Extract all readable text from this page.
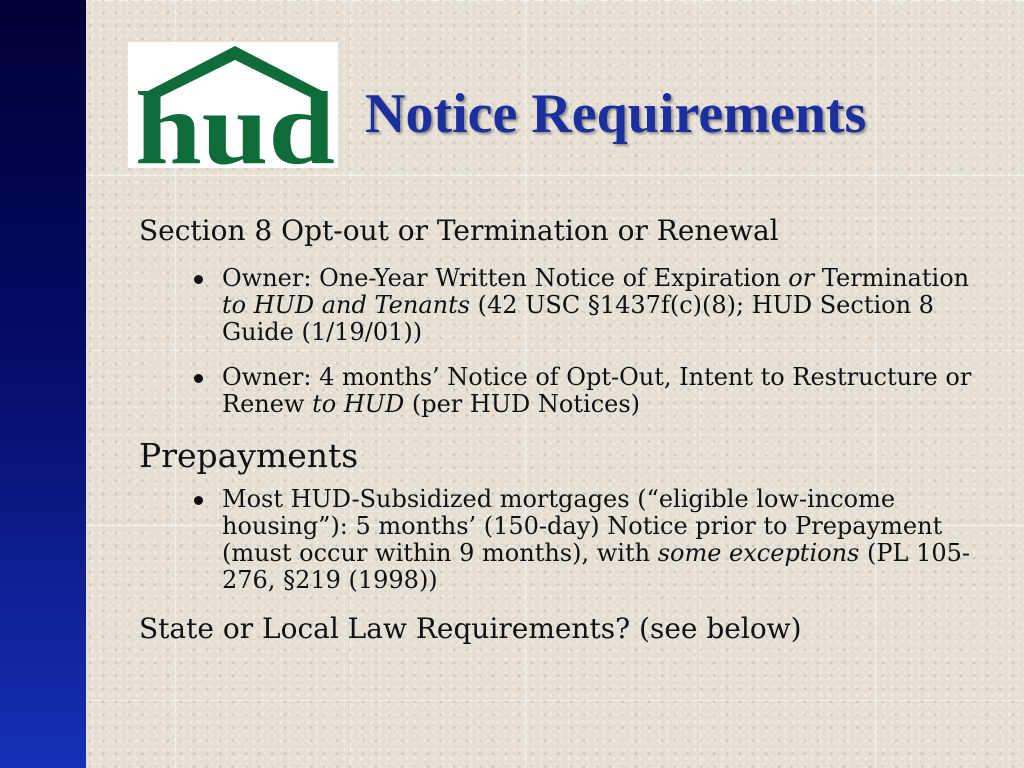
hud Notice Requirements

Section 8 Opt-out or Termination or Renewal

Owner: One-Year Written Notice of Expiration or Termination to HUD and Tenants (42 USC §1437f(c)(8); HUD Section 8 Guide (1/19/01))
Owner: 4 months’ Notice of Opt-Out, Intent to Restructure or Renew to HUD (per HUD Notices)

Prepayments

Most HUD-Subsidized mortgages (“eligible low-income housing”): 5 months’ (150-day) Notice prior to Prepayment (must occur within 9 months), with some exceptions (PL 105-276, §219 (1998))

State or Local Law Requirements? (see below)
